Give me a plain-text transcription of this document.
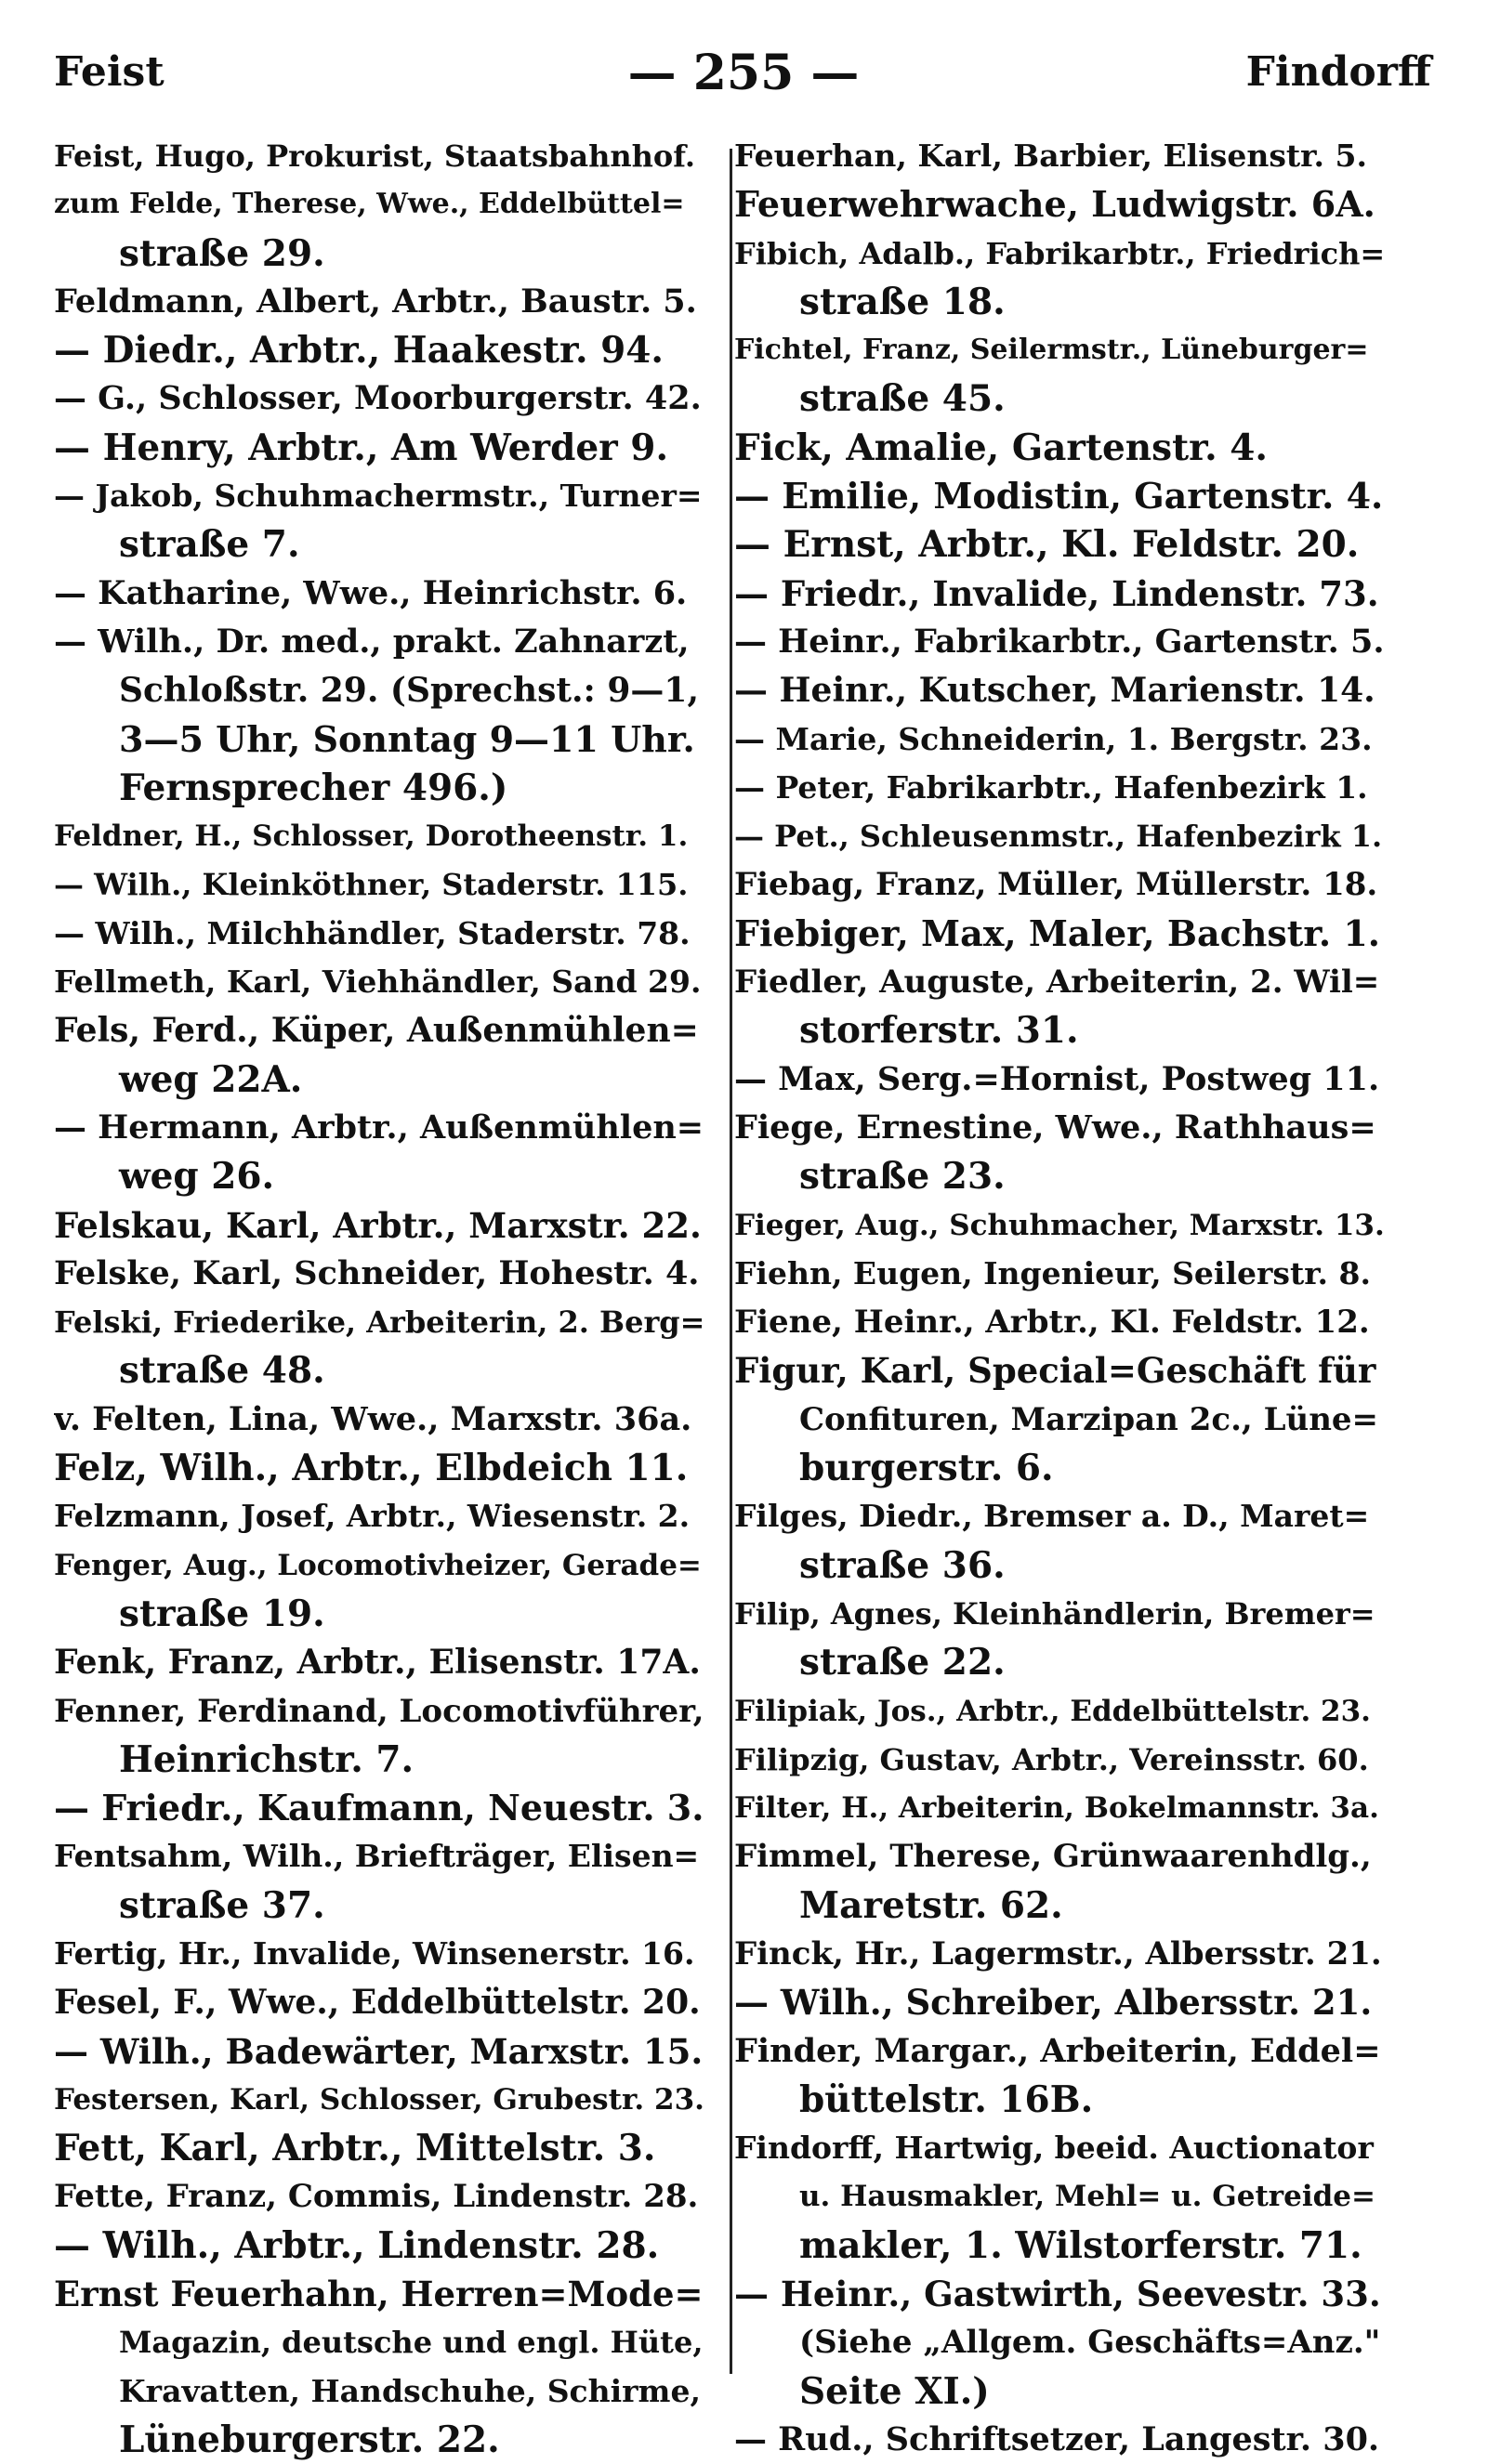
Feist	— 255 —	Findorff
Feist, Hugo, Prokurist, Staatsbahnhof.
zum Felde, Therese, Wwe., Eddelbüttel=
straße 29.
Feldmann, Albert, Arbtr., Baustr. 5.
— Diedr., Arbtr., Haakestr. 94.
— G., Schlosser, Moorburgerstr. 42.
— Henry, Arbtr., Am Werder 9.
— Jakob, Schuhmachermstr., Turner=
straße 7.
— Katharine, Wwe., Heinrichstr. 6.
— Wilh., Dr. med., prakt. Zahnarzt,
Schloßstr. 29. (Sprechst.: 9—1,
3—5 Uhr, Sonntag 9—11 Uhr.
Fernsprecher 496.)
Feldner, H., Schlosser, Dorotheenstr. 1.
— Wilh., Kleinköthner, Staderstr. 115.
— Wilh., Milchhändler, Staderstr. 78.
Fellmeth, Karl, Viehhändler, Sand 29.
Fels, Ferd., Küper, Außenmühlen=
weg 22A.
— Hermann, Arbtr., Außenmühlen=
weg 26.
Felskau, Karl, Arbtr., Marxstr. 22.
Felske, Karl, Schneider, Hohestr. 4.
Felski, Friederike, Arbeiterin, 2. Berg=
straße 48.
v. Felten, Lina, Wwe., Marxstr. 36a.
Felz, Wilh., Arbtr., Elbdeich 11.
Felzmann, Josef, Arbtr., Wiesenstr. 2.
Fenger, Aug., Locomotivheizer, Gerade=
straße 19.
Fenk, Franz, Arbtr., Elisenstr. 17A.
Fenner, Ferdinand, Locomotivführer,
Heinrichstr. 7.
— Friedr., Kaufmann, Neuestr. 3.
Fentsahm, Wilh., Briefträger, Elisen=
straße 37.
Fertig, Hr., Invalide, Winsenerstr. 16.
Fesel, F., Wwe., Eddelbüttelstr. 20.
— Wilh., Badewärter, Marxstr. 15.
Festersen, Karl, Schlosser, Grubestr. 23.
Fett, Karl, Arbtr., Mittelstr. 3.
Fette, Franz, Commis, Lindenstr. 28.
— Wilh., Arbtr., Lindenstr. 28.
Ernst Feuerhahn, Herren=Mode=
Magazin, deutsche und engl. Hüte,
Kravatten, Handschuhe, Schirme,
Lüneburgerstr. 22.
Feuerhan, Karl, Barbier, Elisenstr. 5.
Feuerwehrwache, Ludwigstr. 6A.
Fibich, Adalb., Fabrikarbtr., Friedrich=
straße 18.
Fichtel, Franz, Seilermstr., Lüneburger=
straße 45.
Fick, Amalie, Gartenstr. 4.
— Emilie, Modistin, Gartenstr. 4.
— Ernst, Arbtr., Kl. Feldstr. 20.
— Friedr., Invalide, Lindenstr. 73.
— Heinr., Fabrikarbtr., Gartenstr. 5.
— Heinr., Kutscher, Marienstr. 14.
— Marie, Schneiderin, 1. Bergstr. 23.
— Peter, Fabrikarbtr., Hafenbezirk 1.
— Pet., Schleusenmstr., Hafenbezirk 1.
Fiebag, Franz, Müller, Müllerstr. 18.
Fiebiger, Max, Maler, Bachstr. 1.
Fiedler, Auguste, Arbeiterin, 2. Wil=
storferstr. 31.
— Max, Serg.=Hornist, Postweg 11.
Fiege, Ernestine, Wwe., Rathhaus=
straße 23.
Fieger, Aug., Schuhmacher, Marxstr. 13.
Fiehn, Eugen, Ingenieur, Seilerstr. 8.
Fiene, Heinr., Arbtr., Kl. Feldstr. 12.
Figur, Karl, Special=Geschäft für
Confituren, Marzipan 2c., Lüne=
burgerstr. 6.
Filges, Diedr., Bremser a. D., Maret=
straße 36.
Filip, Agnes, Kleinhändlerin, Bremer=
straße 22.
Filipiak, Jos., Arbtr., Eddelbüttelstr. 23.
Filipzig, Gustav, Arbtr., Vereinsstr. 60.
Filter, H., Arbeiterin, Bokelmannstr. 3a.
Fimmel, Therese, Grünwaarenhdlg.,
Maretstr. 62.
Finck, Hr., Lagermstr., Albersstr. 21.
— Wilh., Schreiber, Albersstr. 21.
Finder, Margar., Arbeiterin, Eddel=
büttelstr. 16B.
Findorff, Hartwig, beeid. Auctionator
u. Hausmakler, Mehl= u. Getreide=
makler, 1. Wilstorferstr. 71.
— Heinr., Gastwirth, Seevestr. 33.
(Siehe „Allgem. Geschäfts=Anz."
Seite XI.)
— Rud., Schriftsetzer, Langestr. 30.
